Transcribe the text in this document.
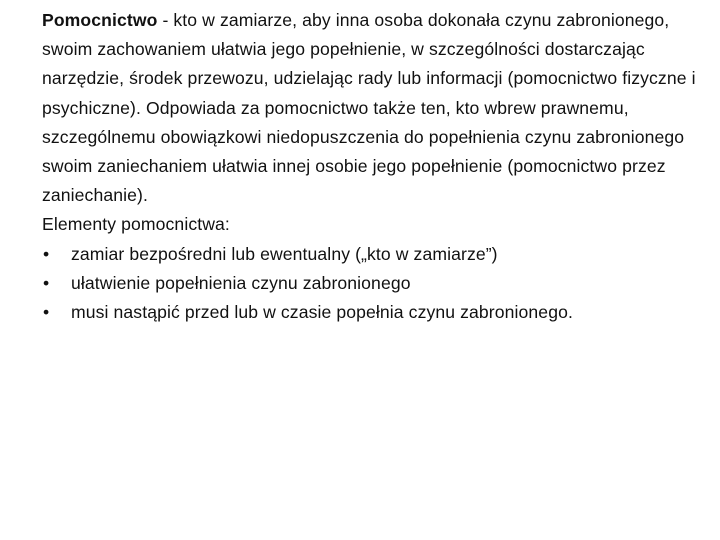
Pomocnictwo - kto w zamiarze, aby inna osoba dokonała czynu zabronionego, swoim zachowaniem ułatwia jego popełnienie, w szczególności dostarczając narzędzie, środek przewozu, udzielając rady lub informacji (pomocnictwo fizyczne i psychiczne). Odpowiada za pomocnictwo także ten, kto wbrew prawnemu, szczególnemu obowiązkowi niedopuszczenia do popełnienia czynu zabronionego swoim zaniechaniem ułatwia innej osobie jego popełnienie (pomocnictwo przez zaniechanie).

Elementy pomocnictwa:

• zamiar bezpośredni lub ewentualny („kto w zamiarze”)
• ułatwienie popełnienia czynu zabronionego
• musi nastąpić przed lub w czasie popełnia czynu zabronionego.
